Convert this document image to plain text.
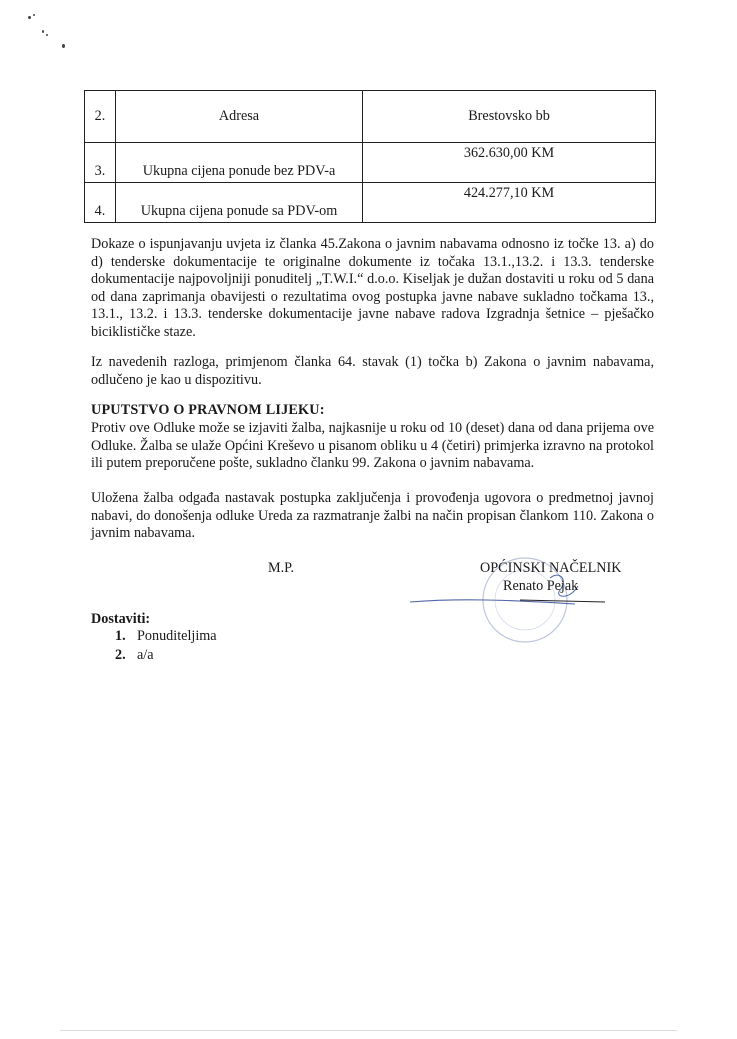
2.	Adresa	Brestovsko bb
3.	Ukupna cijena ponude bez PDV-a	362.630,00 KM
4.	Ukupna cijena ponude sa PDV-om	424.277,10 KM

Dokaze o ispunjavanju uvjeta iz članka 45.Zakona o javnim nabavama odnosno iz točke 13. a) do d) tenderske dokumentacije te originalne dokumente iz točaka 13.1.,13.2. i 13.3. tenderske dokumentacije najpovoljniji ponuditelj „T.W.I.“ d.o.o. Kiseljak je dužan dostaviti u roku od 5 dana od dana zaprimanja obavijesti o rezultatima ovog postupka javne nabave sukladno točkama 13., 13.1., 13.2. i 13.3. tenderske dokumentacije javne nabave radova Izgradnja šetnice – pješačko biciklističke staze.

Iz navedenih razloga, primjenom članka 64. stavak (1) točka b) Zakona o javnim nabavama, odlučeno je kao u dispozitivu.

UPUTSTVO O PRAVNOM LIJEKU:

Protiv ove Odluke može se izjaviti žalba, najkasnije u roku od 10 (deset) dana od dana prijema ove Odluke. Žalba se ulaže Općini Kreševo u pisanom obliku u 4 (četiri) primjerka izravno na protokol ili putem preporučene pošte, sukladno članku 99. Zakona o javnim nabavama.

Uložena žalba odgađa nastavak postupka zaključenja i provođenja ugovora o predmetnoj javnoj nabavi, do donošenja odluke Ureda za razmatranje žalbi na način propisan člankom 110. Zakona o javnim nabavama.

M.P.	OPĆINSKI NAČELNIK
Renato Pejak
Dostaviti:
1. Ponuditeljima
2. a/a
